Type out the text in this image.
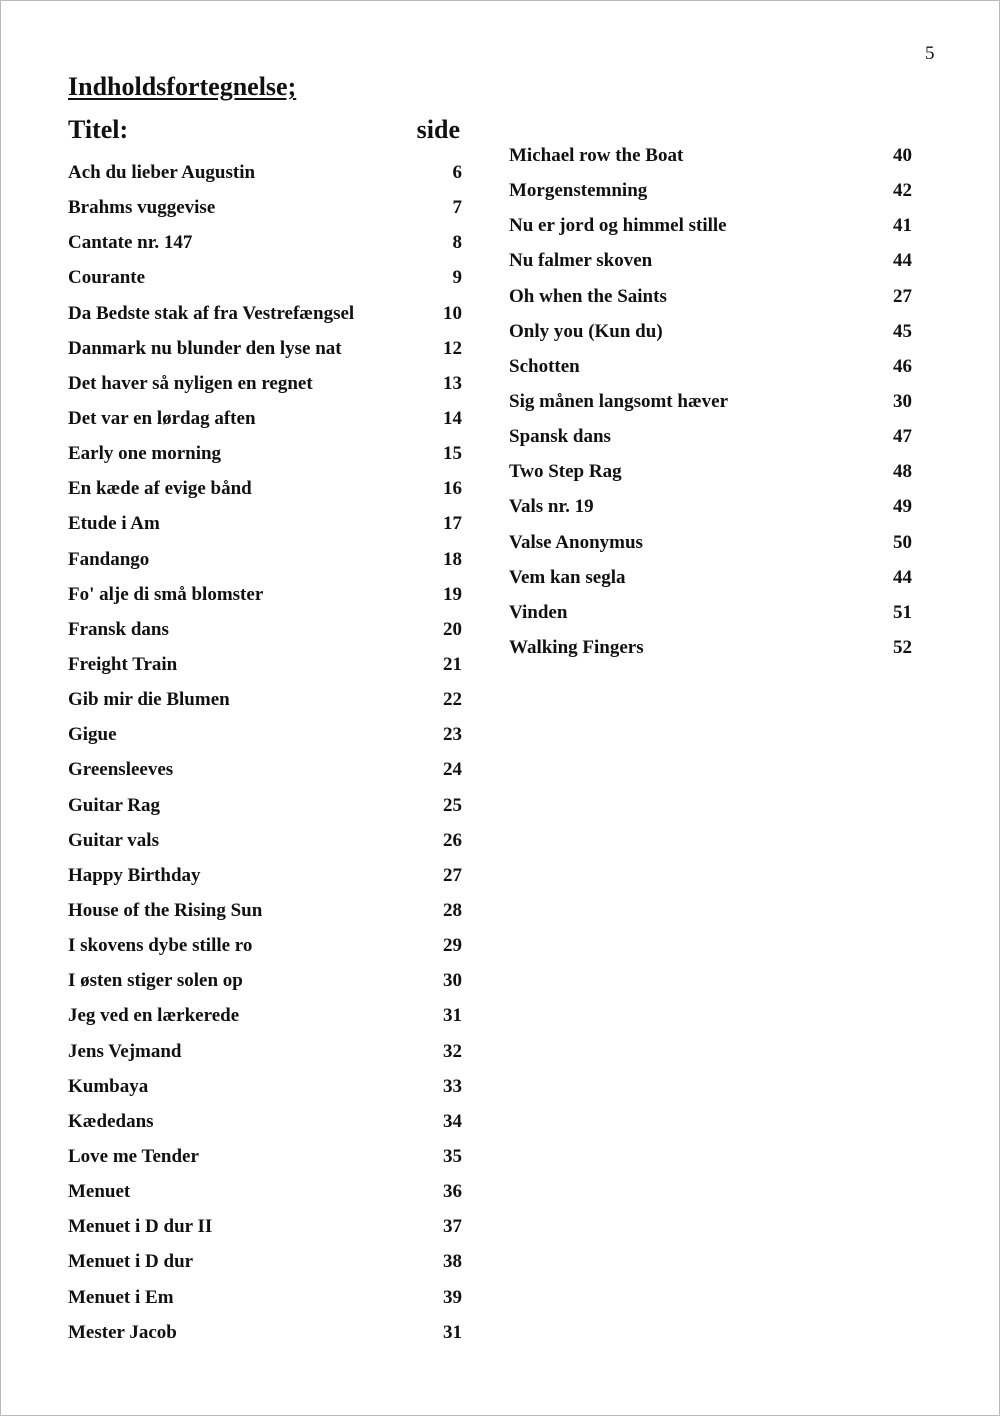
5
Indholdsfortegnelse;
Titel:	side
Ach du lieber Augustin	6
Brahms vuggevise	7
Cantate nr. 147	8
Courante	9
Da Bedste stak af fra Vestrefængsel	10
Danmark nu blunder den lyse nat	12
Det haver så nyligen en regnet	13
Det var en lørdag aften	14
Early one morning	15
En kæde af evige bånd	16
Etude i Am	17
Fandango	18
Fo' alje di små blomster	19
Fransk dans	20
Freight Train	21
Gib mir die Blumen	22
Gigue	23
Greensleeves	24
Guitar Rag	25
Guitar vals	26
Happy Birthday	27
House of the Rising Sun	28
I skovens dybe stille ro	29
I østen stiger solen op	30
Jeg ved en lærkerede	31
Jens Vejmand	32
Kumbaya	33
Kædedans	34
Love me Tender	35
Menuet	36
Menuet i D dur II	37
Menuet i D dur	38
Menuet i Em	39
Mester Jacob	31
Michael row the Boat	40
Morgenstemning	42
Nu er jord og himmel stille	41
Nu falmer skoven	44
Oh when the Saints	27
Only you (Kun du)	45
Schotten	46
Sig månen langsomt hæver	30
Spansk dans	47
Two Step Rag	48
Vals nr. 19	49
Valse Anonymus	50
Vem kan segla	44
Vinden	51
Walking Fingers	52
